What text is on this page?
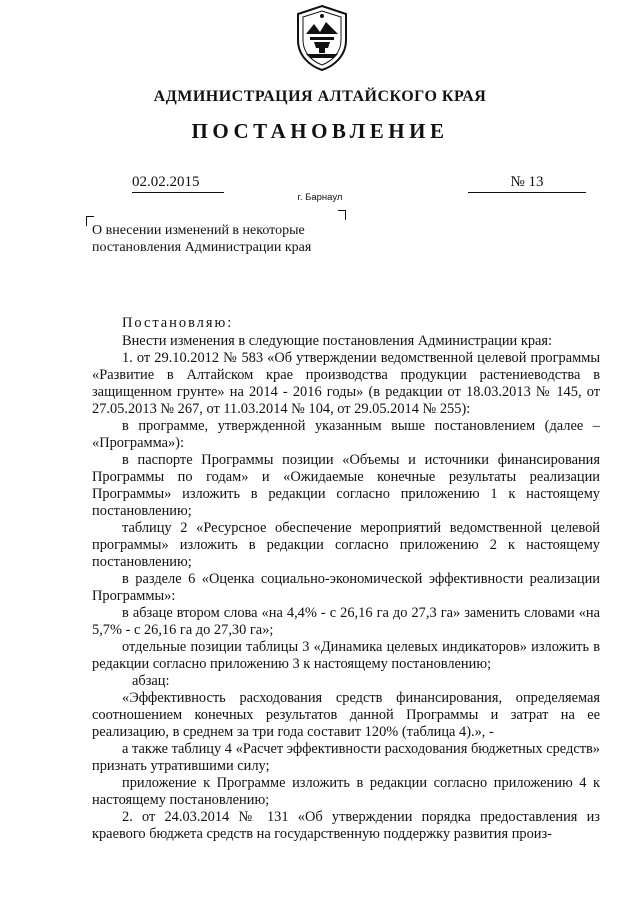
АДМИНИСТРАЦИЯ АЛТАЙСКОГО КРАЯ
ПОСТАНОВЛЕНИЕ
02.02.2015	№ 13
г. Барнаул
О внесении изменений в некоторые постановления Администрации края

Постановляю:

Внести изменения в следующие постановления Администрации края:

1. от 29.10.2012 № 583 «Об утверждении ведомственной целевой программы «Развитие в Алтайском крае производства продукции растениеводства в защищенном грунте» на 2014 - 2016 годы» (в редакции от 18.03.2013 № 145, от 27.05.2013 № 267, от 11.03.2014 № 104, от 29.05.2014 № 255):

в программе, утвержденной указанным выше постановлением (далее – «Программа»):

в паспорте Программы позиции «Объемы и источники финансирования Программы по годам» и «Ожидаемые конечные результаты реализации Программы» изложить в редакции согласно приложению 1 к настоящему постановлению;

таблицу 2 «Ресурсное обеспечение мероприятий ведомственной целевой программы» изложить в редакции согласно приложению 2 к настоящему постановлению;

в разделе 6 «Оценка социально-экономической эффективности реализации Программы»:

в абзаце втором слова «на 4,4% - с 26,16 га до 27,3 га» заменить словами «на 5,7% - с 26,16 га до 27,30 га»;

отдельные позиции таблицы 3 «Динамика целевых индикаторов» изложить в редакции согласно приложению 3 к настоящему постановлению;

абзац:

«Эффективность расходования средств финансирования, определяемая соотношением конечных результатов данной Программы и затрат на ее реализацию, в среднем за три года составит 120% (таблица 4).», -

а также таблицу 4 «Расчет эффективности расходования бюджетных средств» признать утратившими силу;

приложение к Программе изложить в редакции согласно приложению 4 к настоящему постановлению;

2. от 24.03.2014 № 131 «Об утверждении порядка предоставления из краевого бюджета средств на государственную поддержку развития произ-
